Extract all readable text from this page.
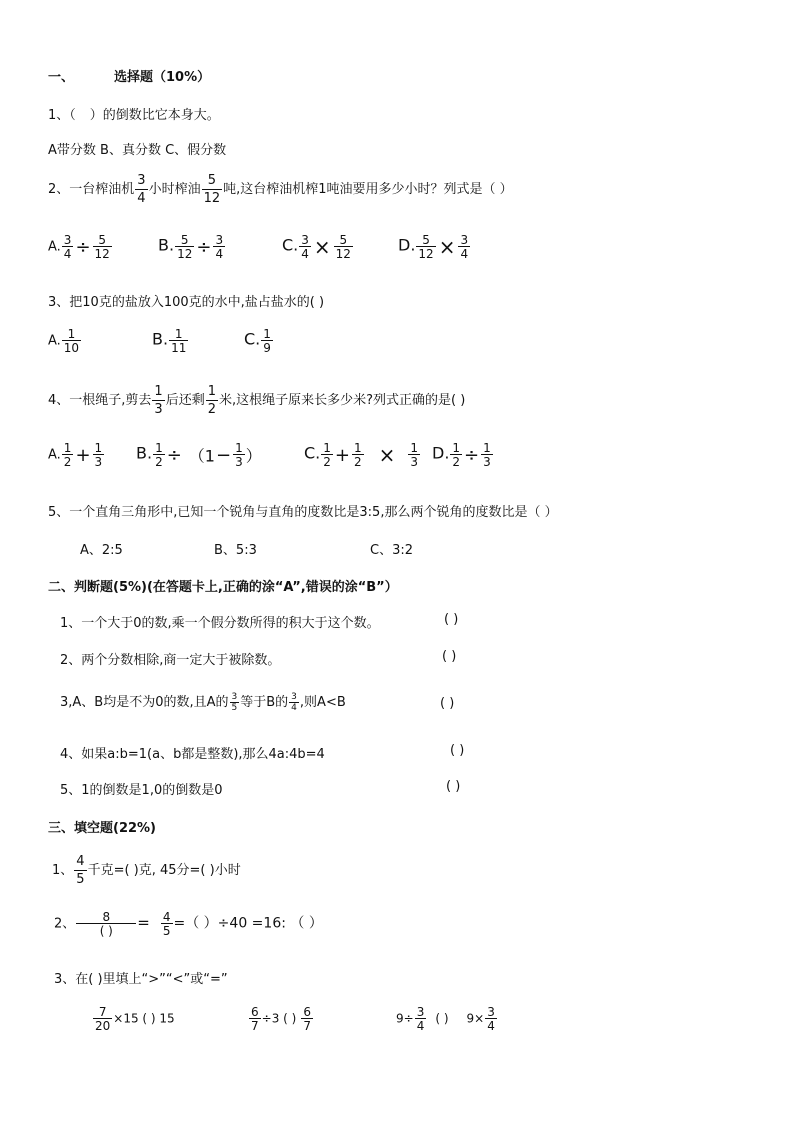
一、	选择题（10%）
1、（ ）的倒数比它本身大。
A带分数 B、真分数 C、假分数
2、一台榨油机 $\frac{3}{4}$ 小时榨油 $\frac{5}{12}$ 吨,这台榨油机榨1吨油要用多少小时？列式是（ ）
A. $\frac{3}{4} \div \frac{5}{12}$	B. $\frac{5}{12} \div \frac{3}{4}$	C. $\frac{3}{4} \times \frac{5}{12}$	D. $\frac{5}{12} \times \frac{3}{4}$
3、把10克的盐放入100克的水中,盐占盐水的( )
A. $\frac{1}{10}$	B. $\frac{1}{11}$	C. $\frac{1}{9}$
4、一根绳子,剪去 $\frac{1}{3}$ 后还剩 $\frac{1}{2}$ 米,这根绳子原来长多少米?列式正确的是( )
A. $\frac{1}{2} + \frac{1}{3} B$. $\frac{1}{2} \div (1- \frac{1}{3}$ ）	C. $\frac{1}{2} + \frac{1}{2} \times \frac{1}{3} D$. $\frac{1}{2} \div \frac{1}{3}$
5、一个直角三角形中,已知一个锐角与直角的度数比是3:5,那么两个锐角的度数比是（ ）
A、2:5	B、5:3	C、3:2
二、判断题(5%)(在答题卡上,正确的涂“A”,错误的涂“B”）
1、一个大于0的数,乘一个假分数所得的积大于这个数。	( )
2、两个分数相除,商一定大于被除数。	( )
3,A、B均是不为0的数,且A的 $\frac{3}{5}$ 等于B的 $\frac{3}{4}$ ,则A<B	( )
4、如果a:b=1(a、b都是整数),那么4a:4b=4	( )
5、1的倒数是1,0的倒数是0	( )
三、填空题(22%)
1、 $\frac{4}{5}$ 千克=( )克, 45分=( )小时
2、 $\frac{8}{( )} = \frac{4}{5}$ =（ ）÷40 =16: （ ）
3、在( )里填上“>”“<”或“=”
$\frac{7}{20} \times 15$ ( ) 15	$\frac{6}{7} \div 3$ ( ) $\frac{6}{7}$	$9\div \frac{3}{4}$ ( ) $9\times \frac{3}{4}$
